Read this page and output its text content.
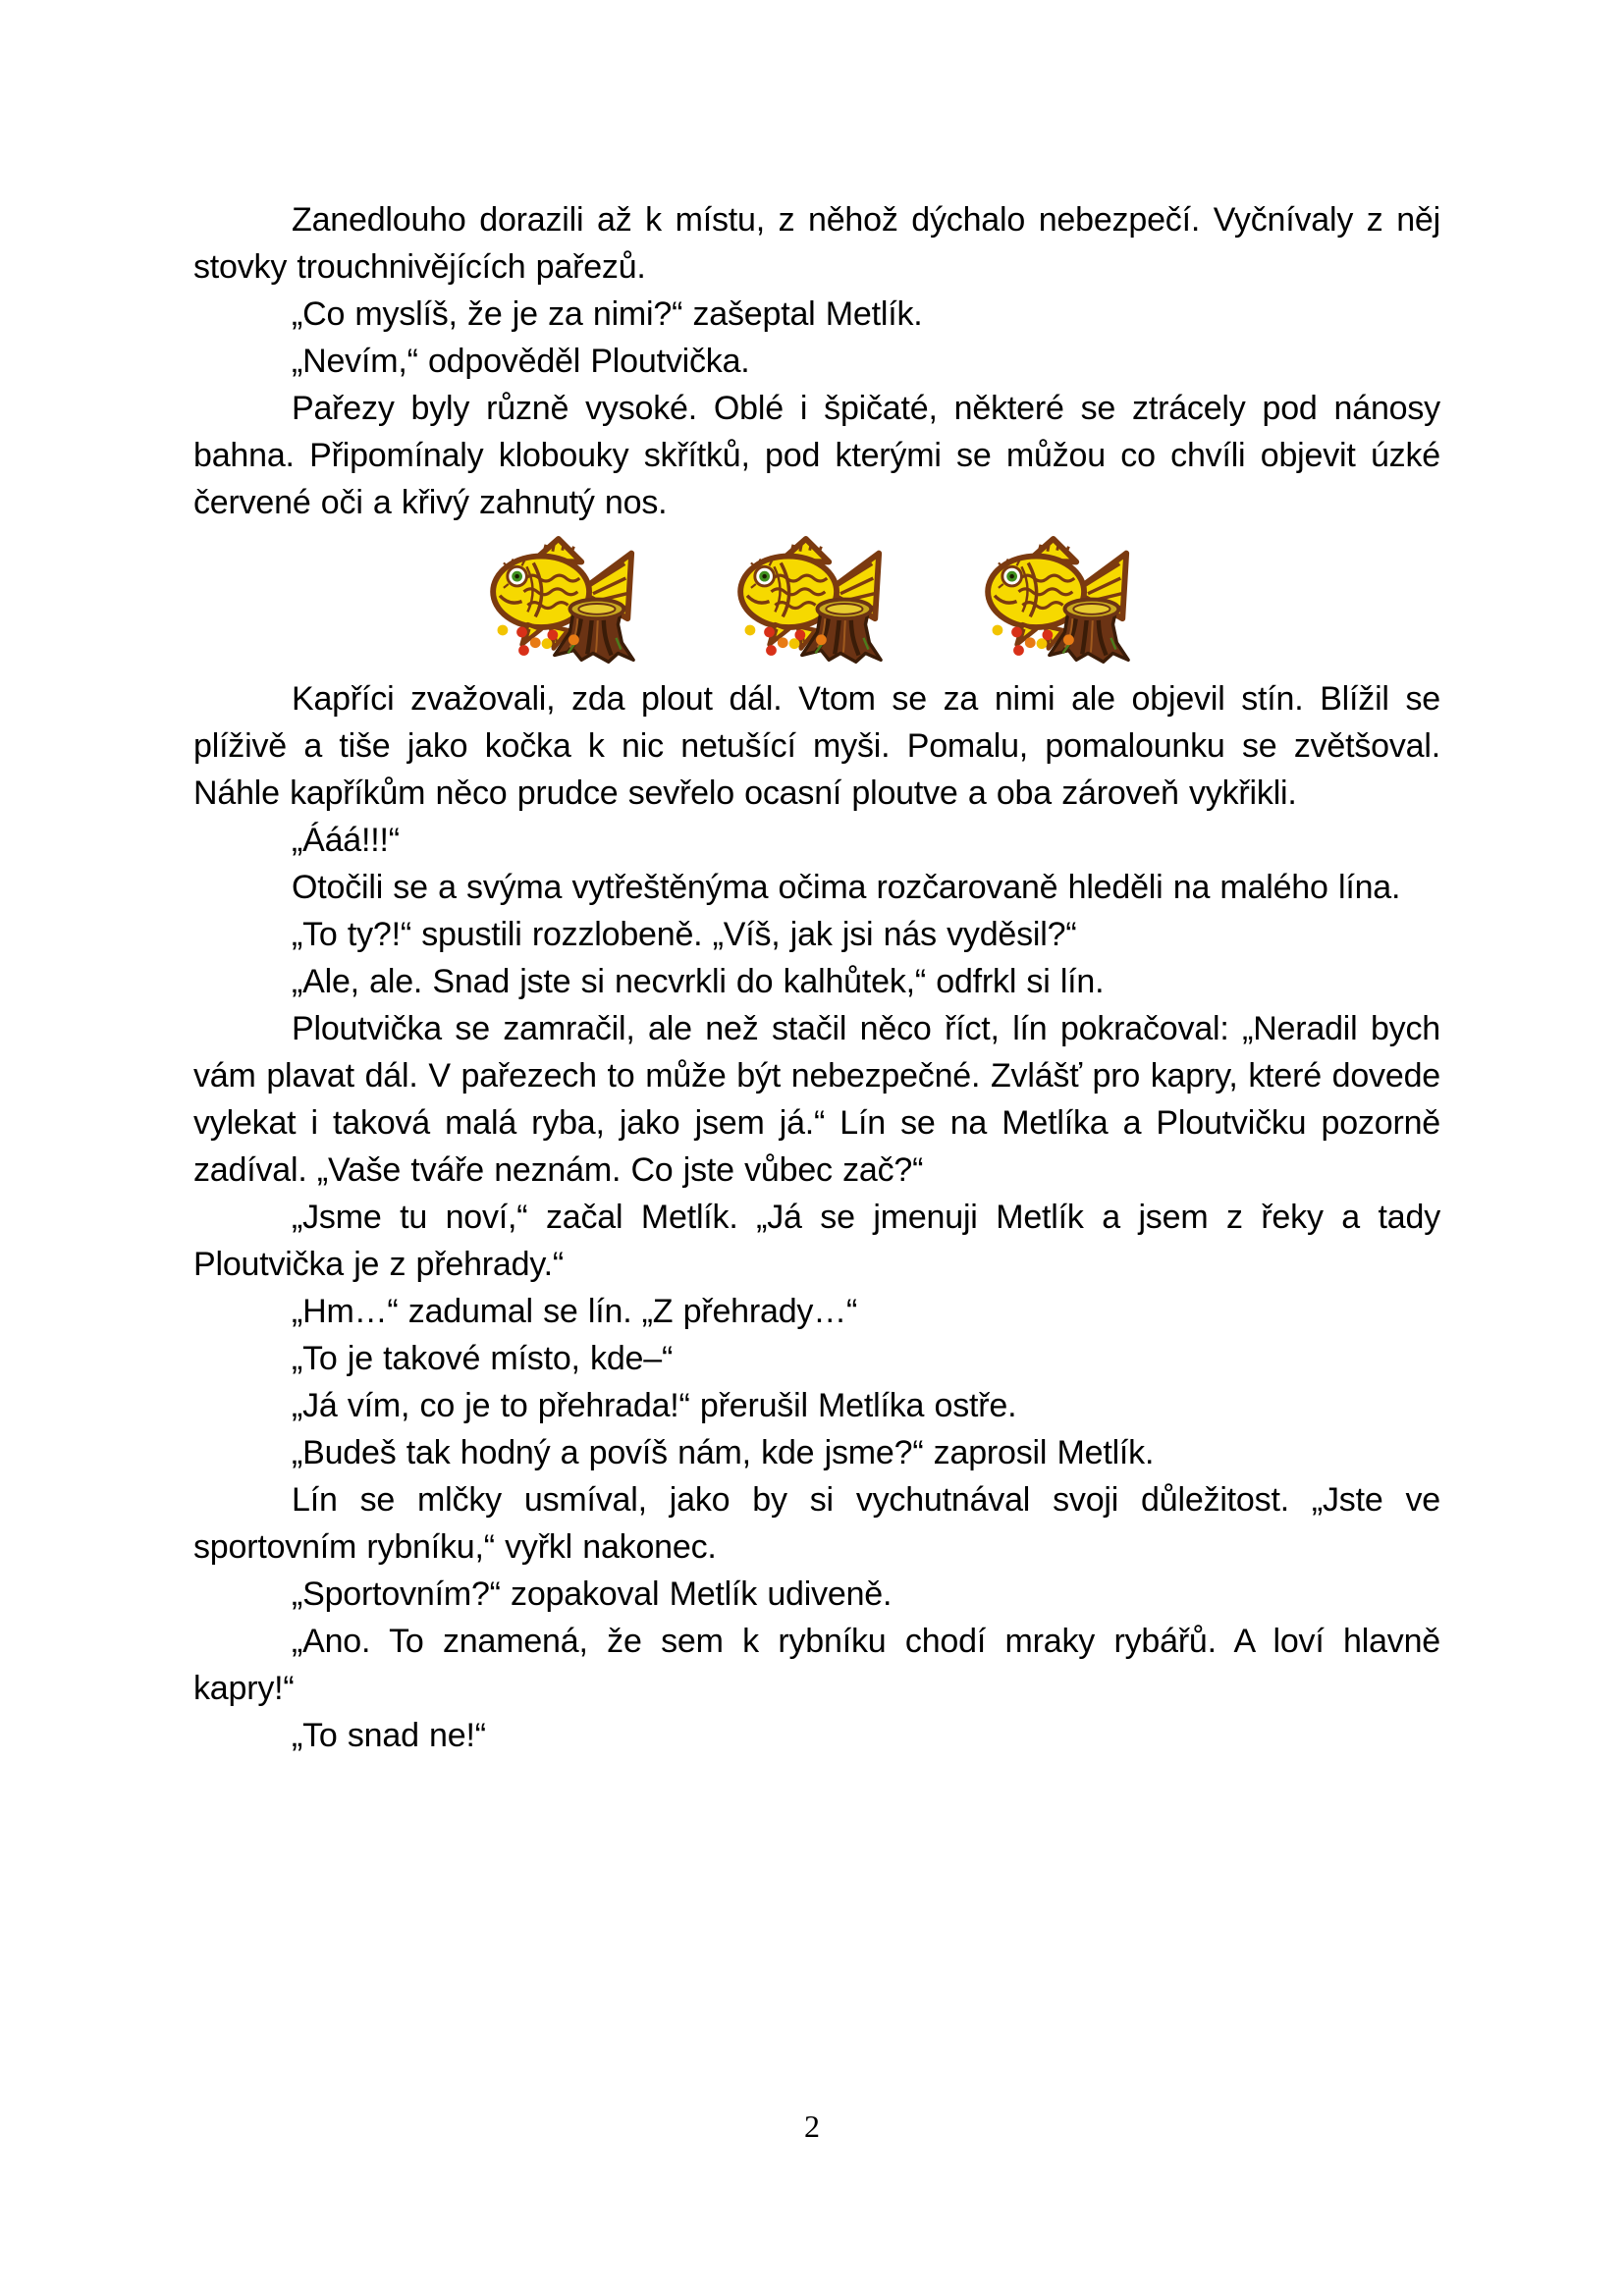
Zanedlouho dorazili až k místu, z něhož dýchalo nebezpečí. Vyčnívaly z něj stovky trouchnivějících pařezů.

„Co myslíš, že je za nimi?“ zašeptal Metlík.

„Nevím,“ odpověděl Ploutvička.

Pařezy byly různě vysoké. Oblé i špičaté, některé se ztrácely pod nánosy bahna. Připomínaly klobouky skřítků, pod kterými se můžou co chvíli objevit úzké červené oči a křivý zahnutý nos.

Kapříci zvažovali, zda plout dál. Vtom se za nimi ale objevil stín. Blížil se plíživě a tiše jako kočka k nic netušící myši. Pomalu, pomalounku se zvětšoval. Náhle kapříkům něco prudce sevřelo ocasní ploutve a oba zároveň vykřikli.

„Ááá!!!“

Otočili se a svýma vytřeštěnýma očima rozčarovaně hleděli na malého lína.

„To ty?!“ spustili rozzlobeně. „Víš, jak jsi nás vyděsil?“

„Ale, ale. Snad jste si necvrkli do kalhůtek,“ odfrkl si lín.

Ploutvička se zamračil, ale než stačil něco říct, lín pokračoval: „Neradil bych vám plavat dál. V pařezech to může být nebezpečné. Zvlášť pro kapry, které dovede vylekat i taková malá ryba, jako jsem já.“ Lín se na Metlíka a Ploutvičku pozorně zadíval. „Vaše tváře neznám. Co jste vůbec zač?“

„Jsme tu noví,“ začal Metlík. „Já se jmenuji Metlík a jsem z řeky a tady Ploutvička je z přehrady.“

„Hm…“ zadumal se lín. „Z přehrady…“

„To je takové místo, kde–“

„Já vím, co je to přehrada!“ přerušil Metlíka ostře.

„Budeš tak hodný a povíš nám, kde jsme?“ zaprosil Metlík.

Lín se mlčky usmíval, jako by si vychutnával svoji důležitost. „Jste ve sportovním rybníku,“ vyřkl nakonec.

„Sportovním?“ zopakoval Metlík udiveně.

„Ano. To znamená, že sem k rybníku chodí mraky rybářů. A loví hlavně kapry!“

„To snad ne!“

2
